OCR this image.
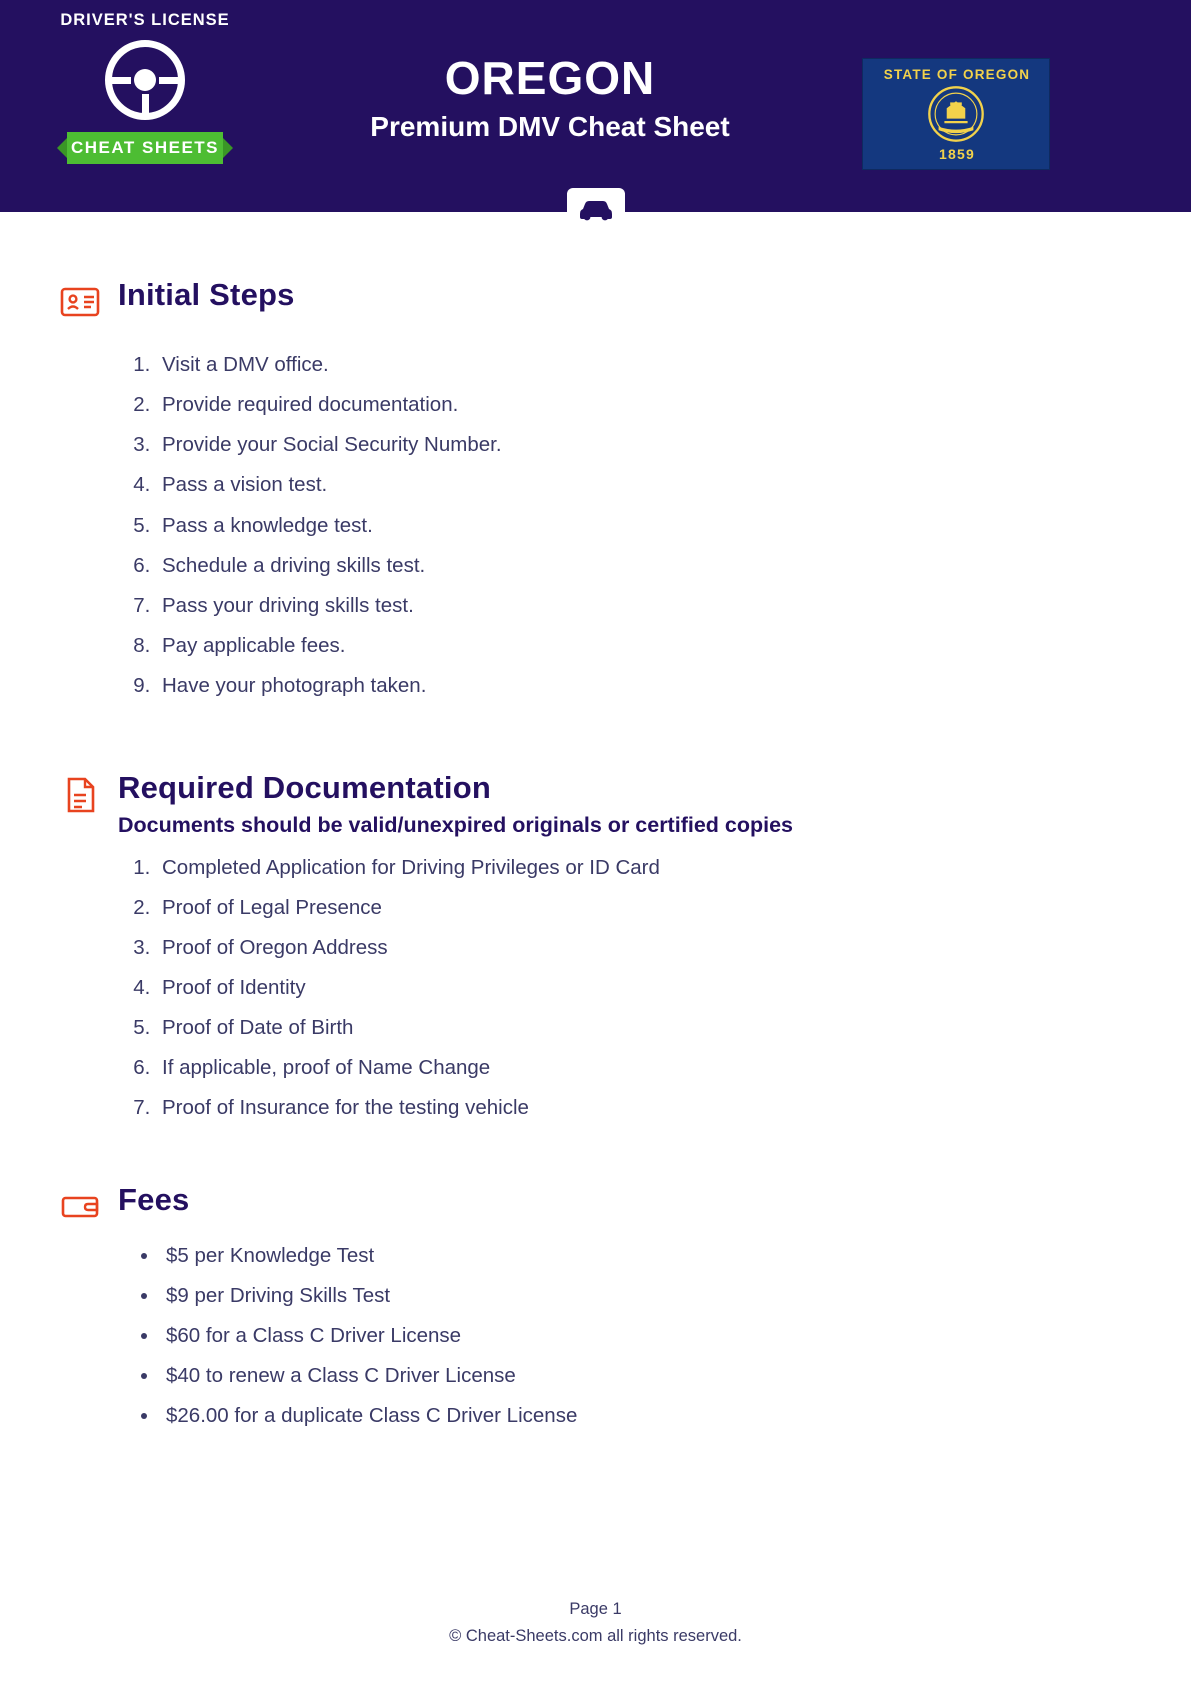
DRIVER'S LICENSE
CHEAT SHEETS
OREGON
Premium DMV Cheat Sheet
STATE OF OREGON
1859
Initial Steps
1. Visit a DMV office.
2. Provide required documentation.
3. Provide your Social Security Number.
4. Pass a vision test.
5. Pass a knowledge test.
6. Schedule a driving skills test.
7. Pass your driving skills test.
8. Pay applicable fees.
9. Have your photograph taken.
Required Documentation
Documents should be valid/unexpired originals or certified copies
1. Completed Application for Driving Privileges or ID Card
2. Proof of Legal Presence
3. Proof of Oregon Address
4. Proof of Identity
5. Proof of Date of Birth
6. If applicable, proof of Name Change
7. Proof of Insurance for the testing vehicle
Fees
• $5 per Knowledge Test
• $9 per Driving Skills Test
• $60 for a Class C Driver License
• $40 to renew a Class C Driver License
• $26.00 for a duplicate Class C Driver License
Page 1
© Cheat-Sheets.com all rights reserved.
